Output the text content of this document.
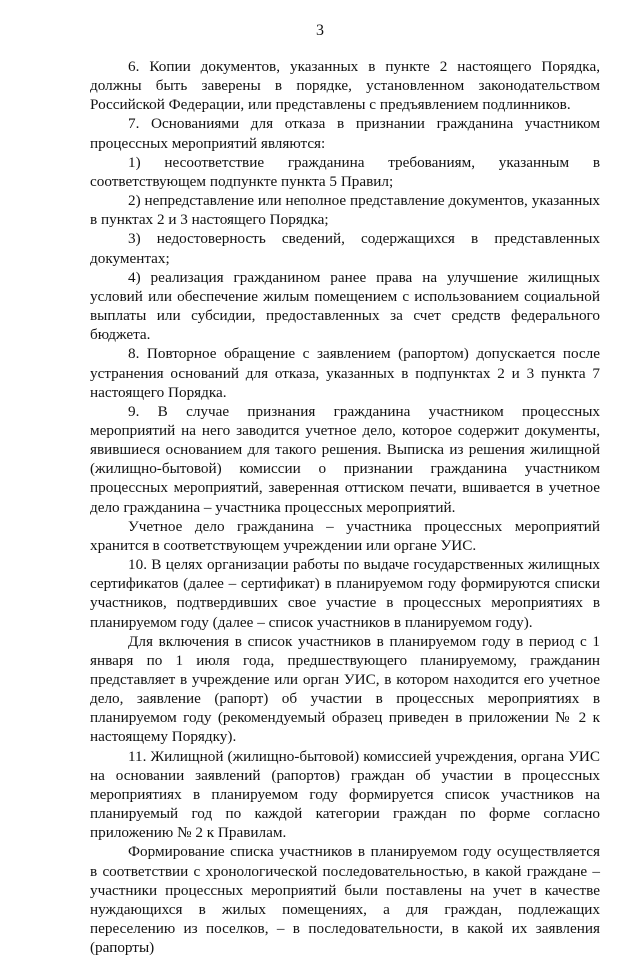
3

6. Копии документов, указанных в пункте 2 настоящего Порядка, должны быть заверены в порядке, установленном законодательством Российской Федерации, или представлены с предъявлением подлинников.

7. Основаниями для отказа в признании гражданина участником процессных мероприятий являются:

1) несоответствие гражданина требованиям, указанным в соответствующем подпункте пункта 5 Правил;

2) непредставление или неполное представление документов, указанных в пунктах 2 и 3 настоящего Порядка;

3) недостоверность сведений, содержащихся в представленных документах;

4) реализация гражданином ранее права на улучшение жилищных условий или обеспечение жилым помещением с использованием социальной выплаты или субсидии, предоставленных за счет средств федерального бюджета.

8. Повторное обращение с заявлением (рапортом) допускается после устранения оснований для отказа, указанных в подпунктах 2 и 3 пункта 7 настоящего Порядка.

9. В случае признания гражданина участником процессных мероприятий на него заводится учетное дело, которое содержит документы, явившиеся основанием для такого решения. Выписка из решения жилищной (жилищно-бытовой) комиссии о признании гражданина участником процессных мероприятий, заверенная оттиском печати, вшивается в учетное дело гражданина – участника процессных мероприятий.

Учетное дело гражданина – участника процессных мероприятий хранится в соответствующем учреждении или органе УИС.

10. В целях организации работы по выдаче государственных жилищных сертификатов (далее – сертификат) в планируемом году формируются списки участников, подтвердивших свое участие в процессных мероприятиях в планируемом году (далее – список участников в планируемом году).

Для включения в список участников в планируемом году в период с 1 января по 1 июля года, предшествующего планируемому, гражданин представляет в учреждение или орган УИС, в котором находится его учетное дело, заявление (рапорт) об участии в процессных мероприятиях в планируемом году (рекомендуемый образец приведен в приложении № 2 к настоящему Порядку).

11. Жилищной (жилищно-бытовой) комиссией учреждения, органа УИС на основании заявлений (рапортов) граждан об участии в процессных мероприятиях в планируемом году формируется список участников на планируемый год по каждой категории граждан по форме согласно приложению № 2 к Правилам.

Формирование списка участников в планируемом году осуществляется в соответствии с хронологической последовательностью, в какой граждане – участники процессных мероприятий были поставлены на учет в качестве нуждающихся в жилых помещениях, а для граждан, подлежащих переселению из поселков, – в последовательности, в какой их заявления (рапорты)
